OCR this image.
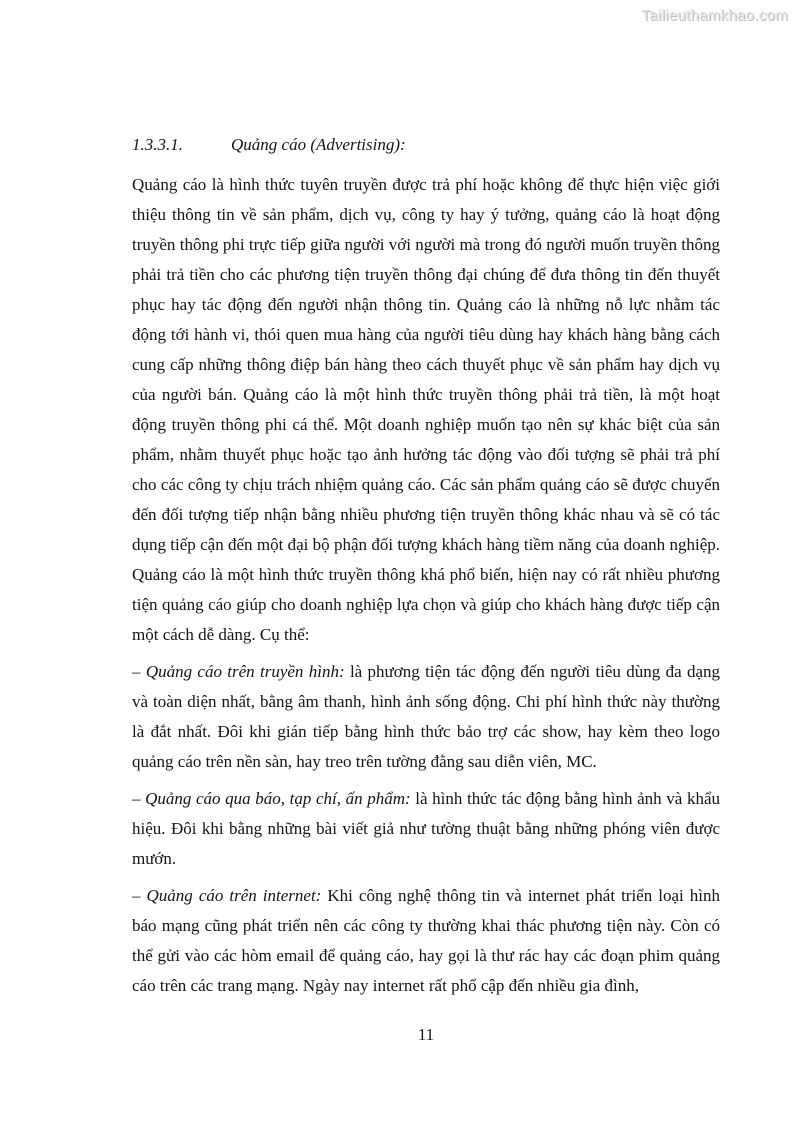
Tailieuthamkhao.com

1.3.3.1.	Quảng cáo (Advertising):

Quảng cáo là hình thức tuyên truyền được trả phí hoặc không để thực hiện việc giới thiệu thông tin về sản phẩm, dịch vụ, công ty hay ý tưởng, quảng cáo là hoạt động truyền thông phi trực tiếp giữa người với người mà trong đó người muốn truyền thông phải trả tiền cho các phương tiện truyền thông đại chúng để đưa thông tin đến thuyết phục hay tác động đến người nhận thông tin. Quảng cáo là những nỗ lực nhằm tác động tới hành vi, thói quen mua hàng của người tiêu dùng hay khách hàng bằng cách cung cấp những thông điệp bán hàng theo cách thuyết phục về sản phẩm hay dịch vụ của người bán. Quảng cáo là một hình thức truyền thông phải trả tiền, là một hoạt động truyền thông phi cá thể. Một doanh nghiệp muốn tạo nên sự khác biệt của sản phẩm, nhằm thuyết phục hoặc tạo ảnh hưởng tác động vào đối tượng sẽ phải trả phí cho các công ty chịu trách nhiệm quảng cáo. Các sản phẩm quảng cáo sẽ được chuyển đến đối tượng tiếp nhận bằng nhiều phương tiện truyền thông khác nhau và sẽ có tác dụng tiếp cận đến một đại bộ phận đối tượng khách hàng tiềm năng của doanh nghiệp. Quảng cáo là một hình thức truyền thông khá phổ biến, hiện nay có rất nhiều phương tiện quảng cáo giúp cho doanh nghiệp lựa chọn và giúp cho khách hàng được tiếp cận một cách dễ dàng. Cụ thể:

– Quảng cáo trên truyền hình: là phương tiện tác động đến người tiêu dùng đa dạng và toàn diện nhất, bằng âm thanh, hình ảnh sống động. Chi phí hình thức này thường là đắt nhất. Đôi khi gián tiếp bằng hình thức bảo trợ các show, hay kèm theo logo quảng cáo trên nền sàn, hay treo trên tường đằng sau diễn viên, MC.

– Quảng cáo qua báo, tạp chí, ấn phẩm: là hình thức tác động bằng hình ảnh và khẩu hiệu. Đôi khi bằng những bài viết giả như tường thuật bằng những phóng viên được mướn.

– Quảng cáo trên internet: Khi công nghệ thông tin và internet phát triển loại hình báo mạng cũng phát triển nên các công ty thường khai thác phương tiện này. Còn có thể gửi vào các hòm email để quảng cáo, hay gọi là thư rác hay các đoạn phim quảng cáo trên các trang mạng. Ngày nay internet rất phổ cập đến nhiều gia đình,

11
